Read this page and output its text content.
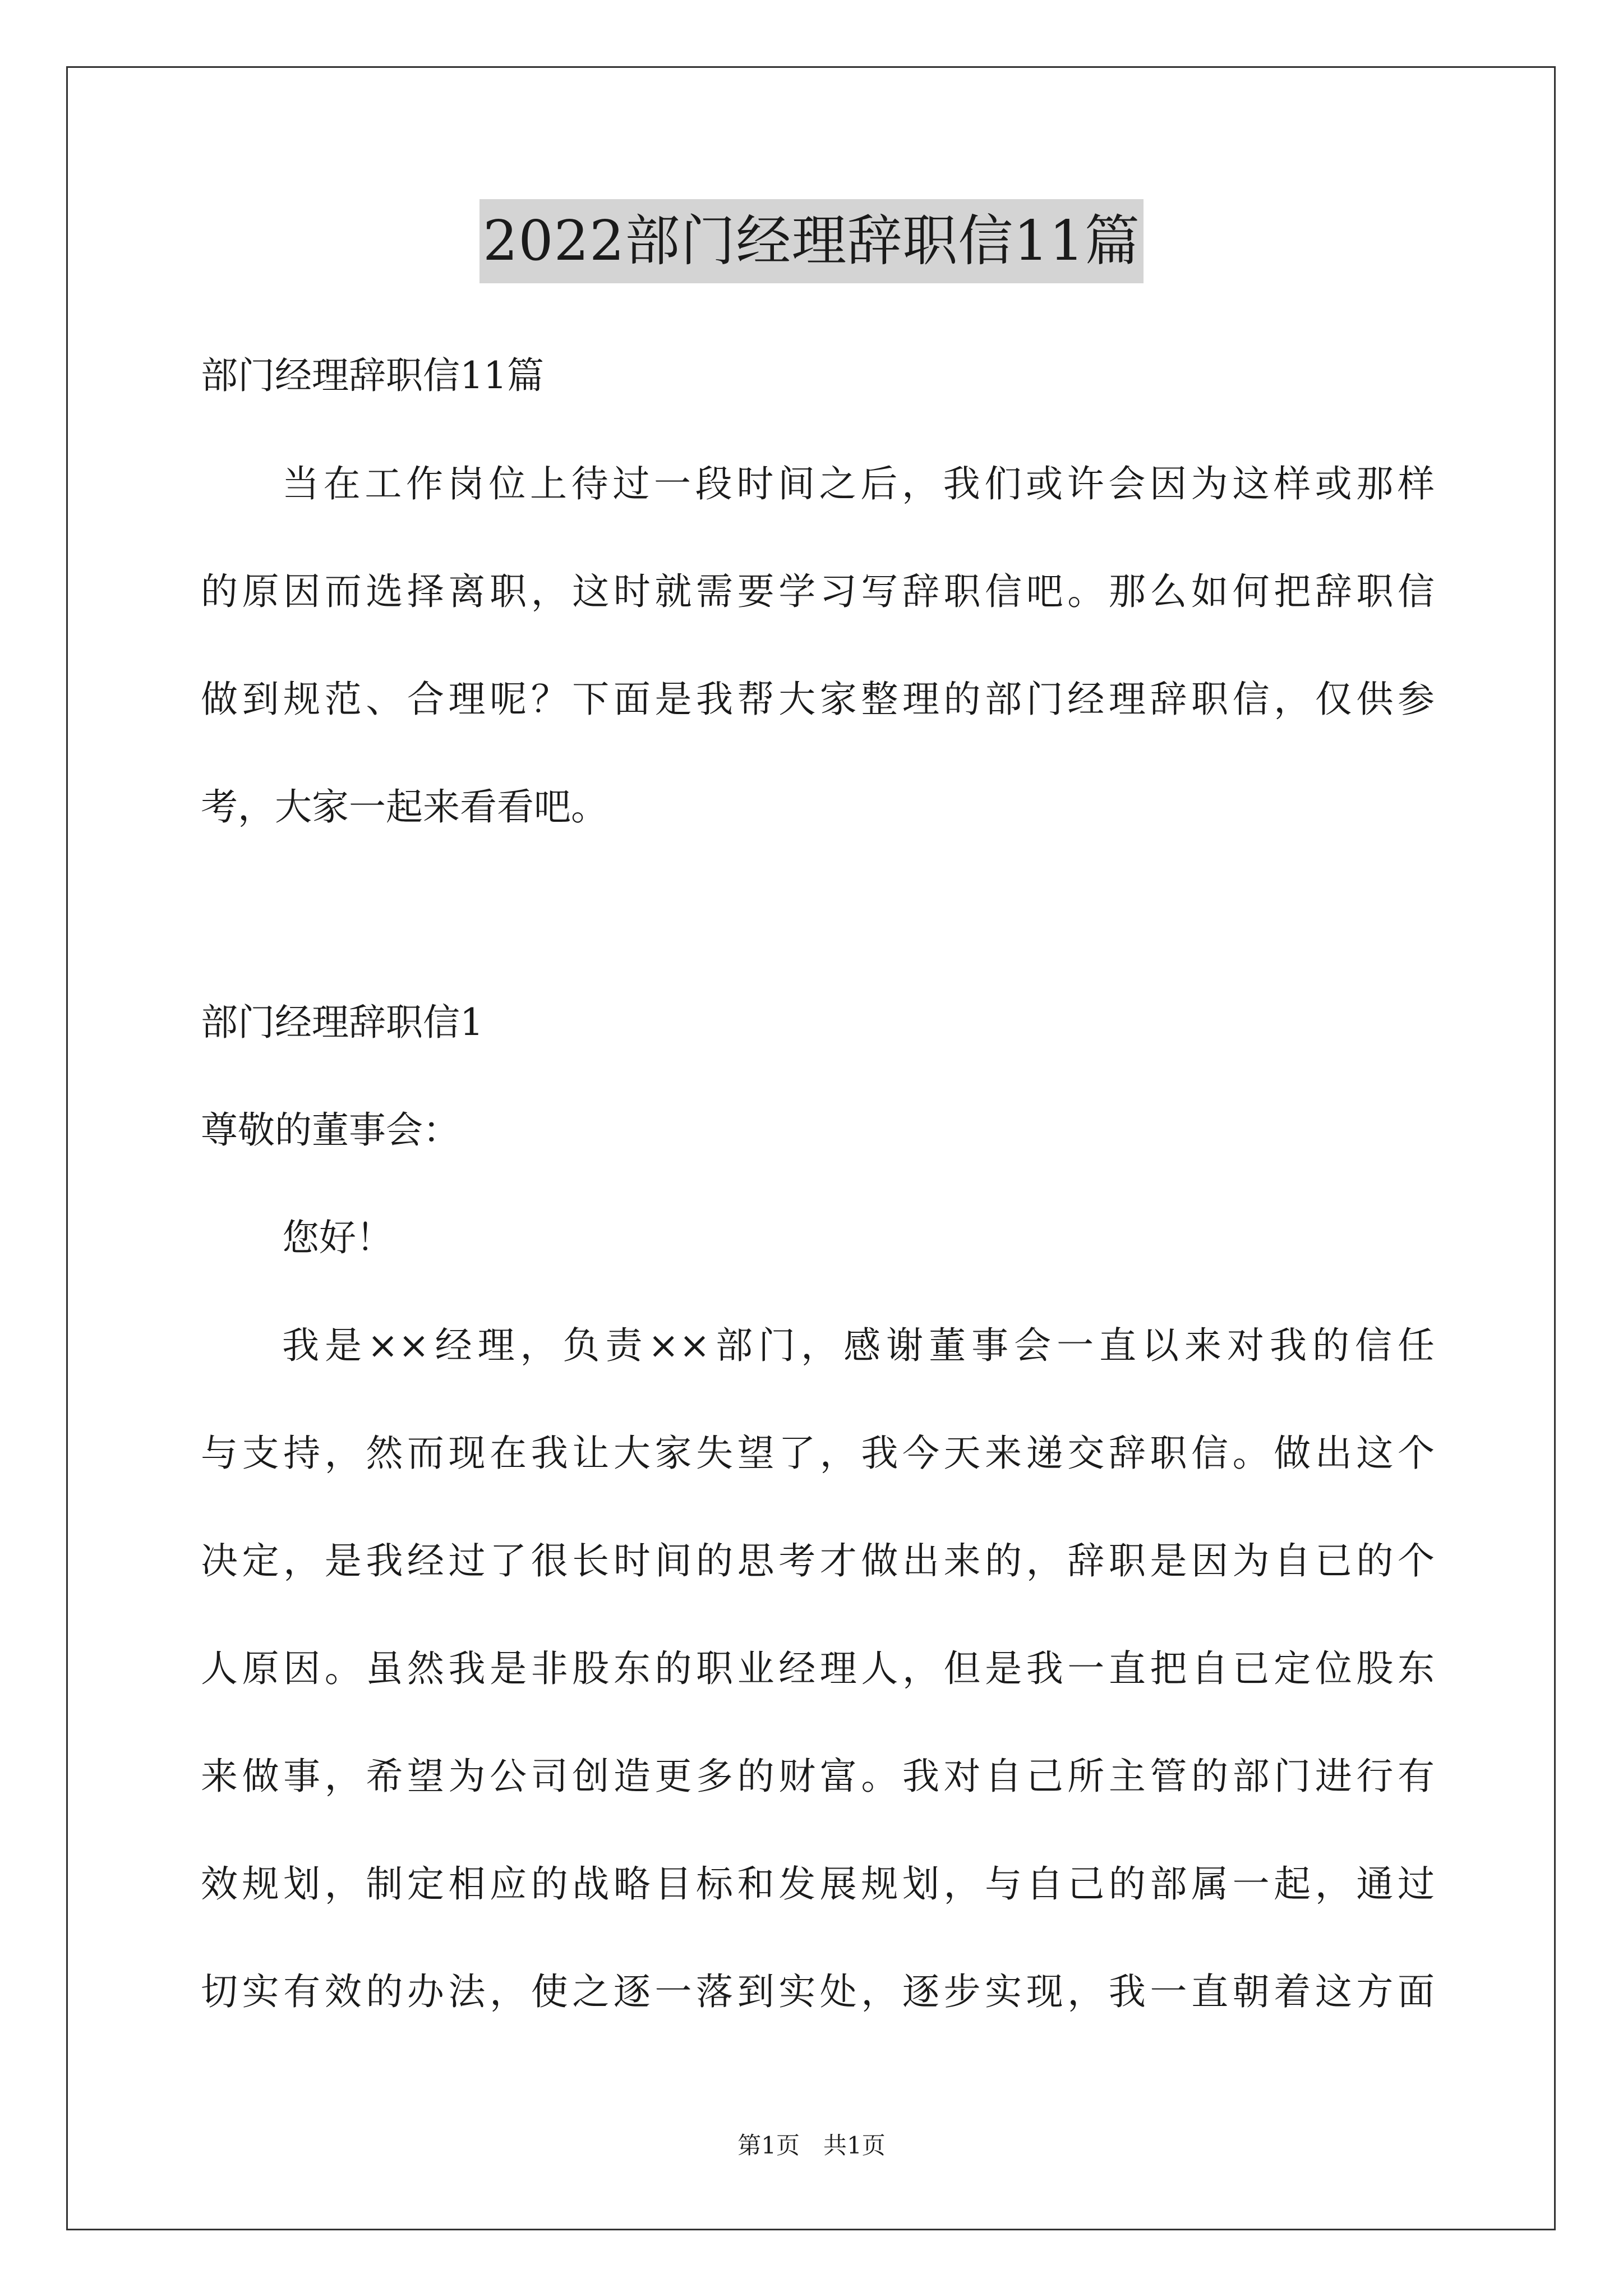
2022部门经理辞职信11篇
部门经理辞职信11篇
当在工作岗位上待过一段时间之后，我们或许会因为这样或那样
的原因而选择离职，这时就需要学习写辞职信吧。那么如何把辞职信
做到规范、合理呢？下面是我帮大家整理的部门经理辞职信，仅供参
考，大家一起来看看吧。
部门经理辞职信1
尊敬的董事会：
您好！
我是××经理，负责××部门，感谢董事会一直以来对我的信任
与支持，然而现在我让大家失望了，我今天来递交辞职信。做出这个
决定，是我经过了很长时间的思考才做出来的，辞职是因为自已的个
人原因。虽然我是非股东的职业经理人，但是我一直把自已定位股东
来做事，希望为公司创造更多的财富。我对自己所主管的部门进行有
效规划，制定相应的战略目标和发展规划，与自己的部属一起，通过
切实有效的办法，使之逐一落到实处，逐步实现，我一直朝着这方面
第1页　共1页
